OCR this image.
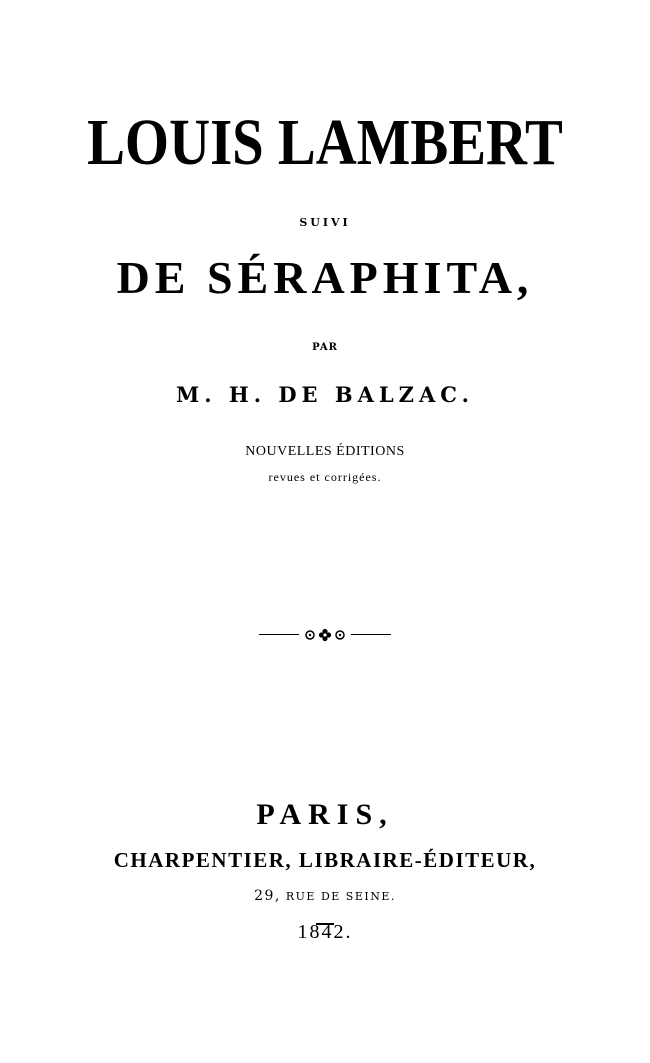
LOUIS LAMBERT
SUIVI
DE SÉRAPHITA,
PAR
M. H. DE BALZAC.
NOUVELLES ÉDITIONS
revues et corrigées.
PARIS,
CHARPENTIER, LIBRAIRE-ÉDITEUR,
29, RUE DE SEINE.
1842.
